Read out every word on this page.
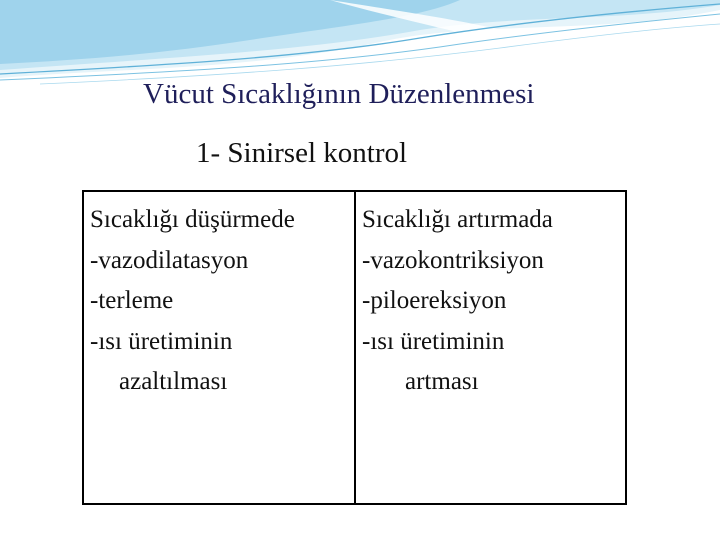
Vücut Sıcaklığının Düzenlenmesi
1- Sinirsel kontrol
Sıcaklığı düşürmede
-vazodilatasyon
-terleme
-ısı üretiminin
azaltılması
Sıcaklığı artırmada
-vazokontriksiyon
-piloereksiyon
-ısı üretiminin
artması
